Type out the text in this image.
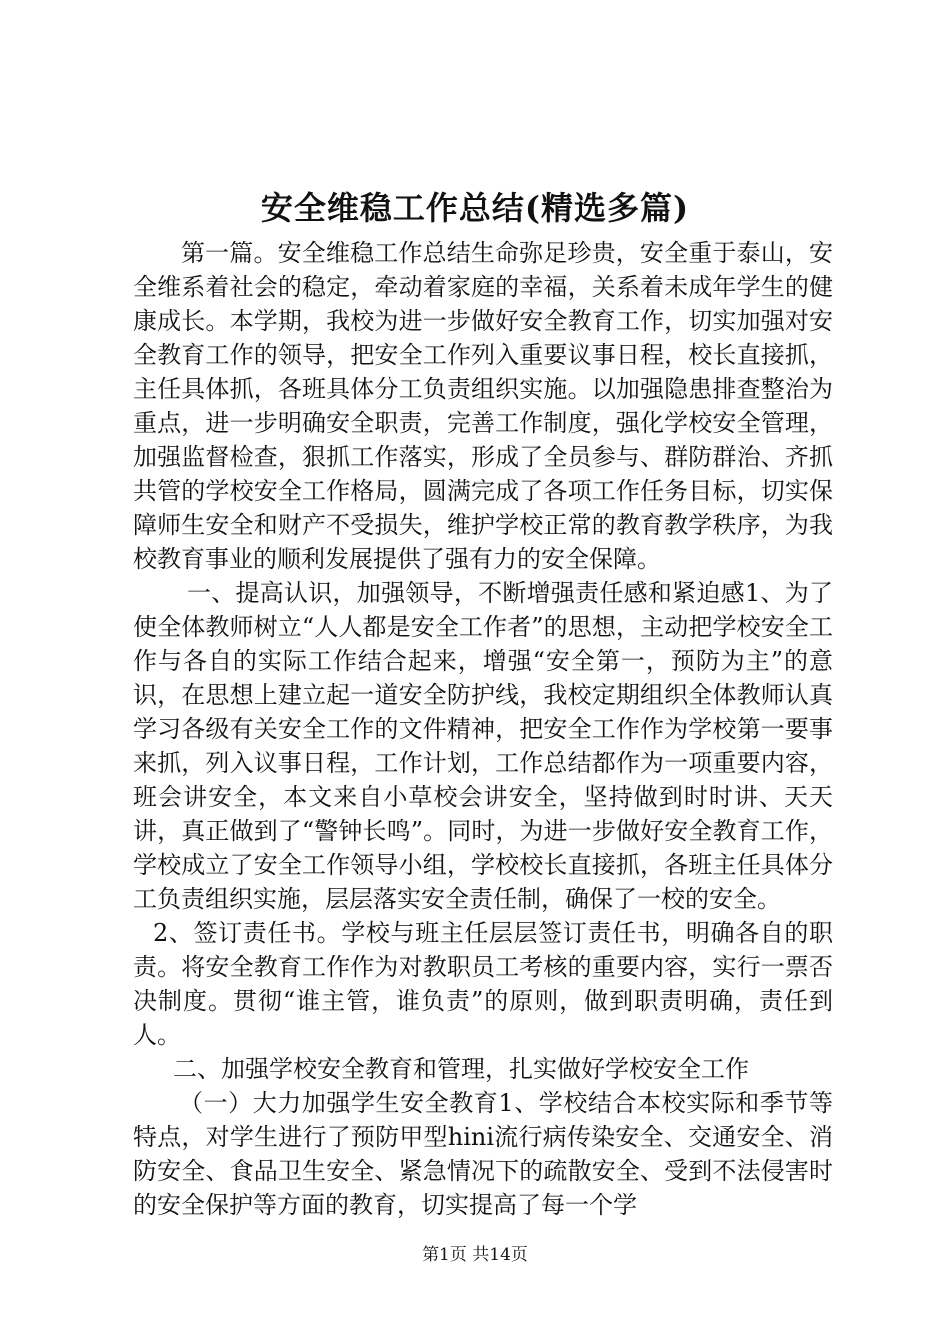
安全维稳工作总结(精选多篇)

第一篇。安全维稳工作总结生命弥足珍贵，安全重于泰山，安全维系着社会的稳定，牵动着家庭的幸福，关系着未成年学生的健康成长。本学期，我校为进一步做好安全教育工作，切实加强对安全教育工作的领导，把安全工作列入重要议事日程，校长直接抓，主任具体抓，各班具体分工负责组织实施。以加强隐患排查整治为重点，进一步明确安全职责，完善工作制度，强化学校安全管理，加强监督检查，狠抓工作落实，形成了全员参与、群防群治、齐抓共管的学校安全工作格局，圆满完成了各项工作任务目标，切实保障师生安全和财产不受损失，维护学校正常的教育教学秩序，为我校教育事业的顺利发展提供了强有力的安全保障。

一、提高认识，加强领导，不断增强责任感和紧迫感1、为了使全体教师树立“人人都是安全工作者”的思想，主动把学校安全工作与各自的实际工作结合起来，增强“安全第一，预防为主”的意识，在思想上建立起一道安全防护线，我校定期组织全体教师认真学习各级有关安全工作的文件精神，把安全工作作为学校第一要事来抓，列入议事日程，工作计划，工作总结都作为一项重要内容，班会讲安全，本文来自小草校会讲安全，坚持做到时时讲、天天讲，真正做到了“警钟长鸣”。同时，为进一步做好安全教育工作，学校成立了安全工作领导小组，学校校长直接抓，各班主任具体分工负责组织实施，层层落实安全责任制，确保了一校的安全。

2、签订责任书。学校与班主任层层签订责任书，明确各自的职责。将安全教育工作作为对教职员工考核的重要内容，实行一票否决制度。贯彻“谁主管，谁负责”的原则，做到职责明确，责任到人。

二、加强学校安全教育和管理，扎实做好学校安全工作

（一）大力加强学生安全教育1、学校结合本校实际和季节等特点，对学生进行了预防甲型hini流行病传染安全、交通安全、消防安全、食品卫生安全、紧急情况下的疏散安全、受到不法侵害时的安全保护等方面的教育，切实提高了每一个学

第1页 共14页
